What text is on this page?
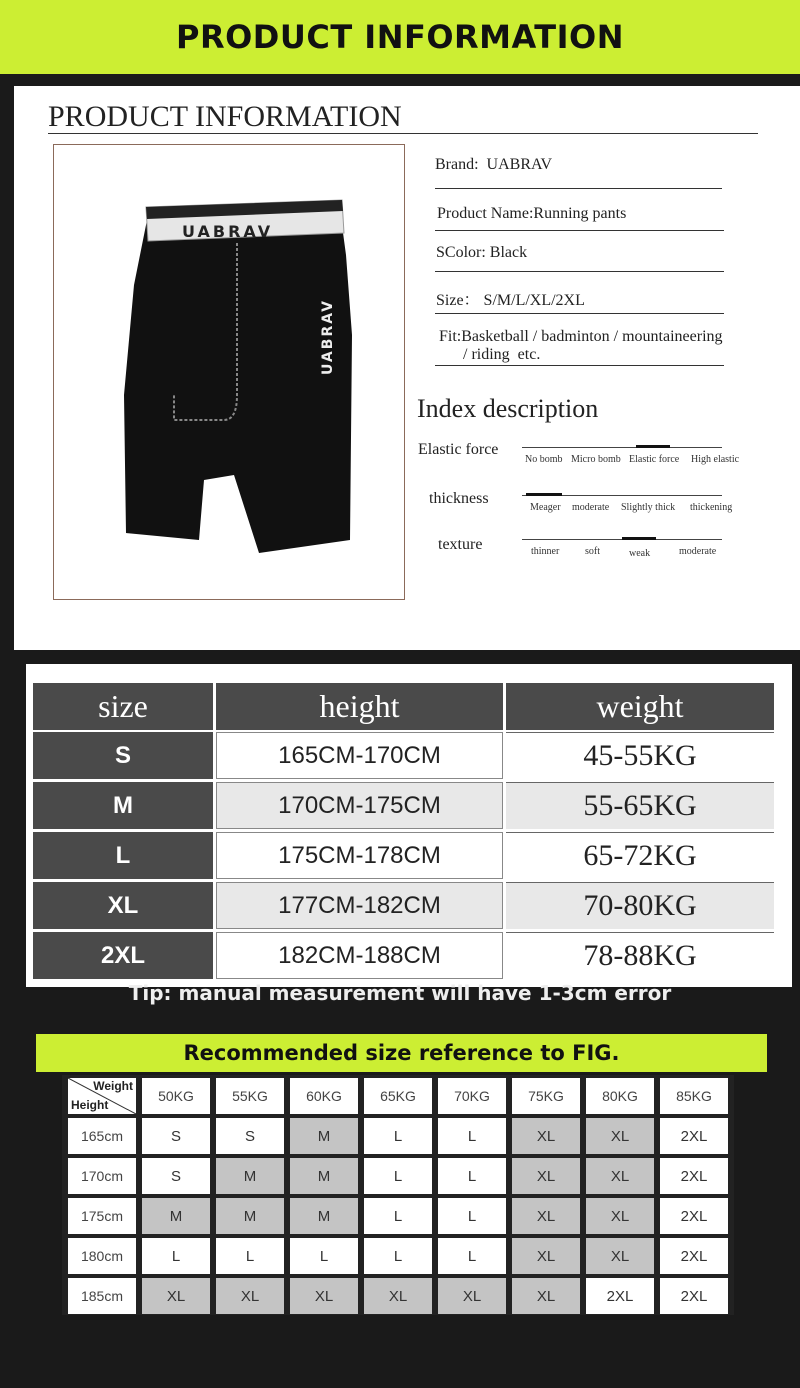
PRODUCT INFORMATION
PRODUCT INFORMATION
UABRAV
UABRAV
Brand:  UABRAV
Product Name:Running pants
SColor: Black
Size： S/M/L/XL/2XL
Fit:Basketball / badminton / mountaineering
/ riding  etc.
Index description
Elastic force
No bomb Micro bomb Elastic force High elastic
thickness
Meager moderate Slightly thick thickening
texture	thinner	soft	weak	moderate
size	height	weight
S	165CM-170CM	45-55KG
M	170CM-175CM	55-65KG
L	175CM-178CM	65-72KG
XL	177CM-182CM	70-80KG
2XL	182CM-188CM	78-88KG
Tip: manual measurement will have 1-3cm error
Recommended size reference to FIG.
Weight
Height
50KG	55KG	60KG	65KG	70KG	75KG	80KG	85KG
165cm	S	S	M	L	L	XL	XL	2XL
170cm	S	M	M	L	L	XL	XL	2XL
175cm	M	M	M	L	L	XL	XL	2XL
180cm	L	L	L	L	L	XL	XL	2XL
185cm	XL	XL	XL	XL	XL	XL	2XL	2XL
